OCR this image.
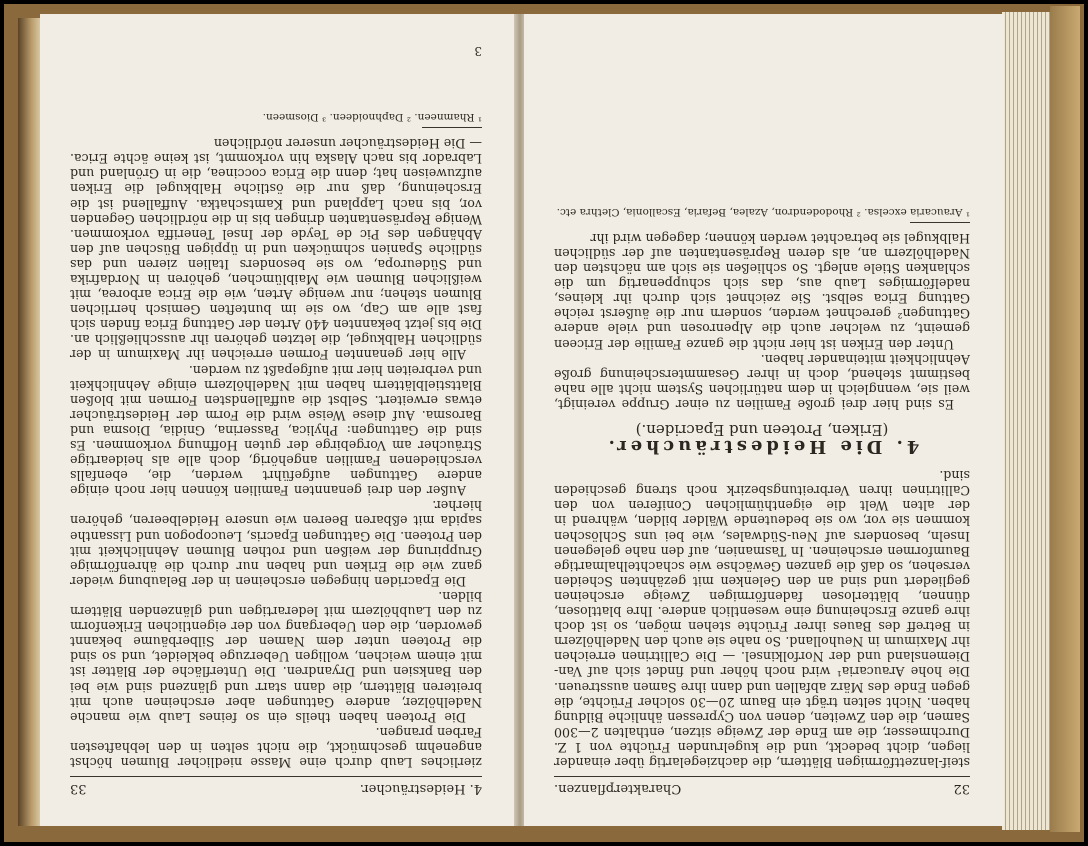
4. Heidesträucher.
33

zierliches Laub durch eine Masse niedlicher Blumen höchst angenehm geschmückt, die nicht selten in den lebhaftesten Farben prangen.

Die Proteen haben theils ein so feines Laub wie manche Nadelhölzer, andere Gattungen aber erscheinen auch mit breiteren Blättern, die dann starr und glänzend sind wie bei den Banksien und Dryandren. Die Unterfläche der Blätter ist mit einem weichen, wolligen Ueberzuge bekleidet, und so sind die Proteen unter dem Namen der Silberbäume bekannt geworden, die den Uebergang von der eigentlichen Erikenform zu den Laubhölzern mit lederartigen und glänzenden Blättern bilden.

Die Epacriden hingegen erscheinen in der Belaubung wieder ganz wie die Eriken und haben nur durch die ährenförmige Gruppirung der weißen und rothen Blumen Aehnlichkeit mit den Proteen. Die Gattungen Epacris, Leucopogon und Lissanthe sapida mit eßbaren Beeren wie unsere Heidelbeeren, gehören hierher.

Außer den drei genannten Familien können hier noch einige andere Gattungen aufgeführt werden, die, ebenfalls verschiedenen Familien angehörig, doch alle als heideartige Sträucher am Vorgebirge der guten Hoffnung vorkommen. Es sind die Gattungen: Phylica, Passerina, Gnidia, Diosma und Barosma. Auf diese Weise wird die Form der Heidesträucher etwas erweitert. Selbst die auffallendsten Formen mit bloßen Blattstielblättern haben mit Nadelhölzern einige Aehnlichkeit und verbreiten hier mit aufgepaßt zu werden.

Alle hier genannten Formen erreichen ihr Maximum in der südlichen Halbkugel, die letzten gehören ihr ausschließlich an. Die bis jetzt bekannten 440 Arten der Gattung Erica finden sich fast alle am Cap, wo sie im bunteften Gemisch herrlichen Blumen stehen; nur wenige Arten, wie die Erica arborea, mit weißlichen Blumen wie Maiblümchen, gehören in Nordafrika und Südeuropa, wo sie besonders Italien zieren und das südliche Spanien schmücken und in üppigen Büschen auf den Abhängen des Pic de Teyde der Insel Teneriffa vorkommen. Wenige Repräsentanten dringen bis in die nördlichen Gegenden vor, bis nach Lappland und Kamtschatka. Auffallend ist die Erscheinung, daß nur die östliche Halbkugel die Eriken aufzuweisen hat; denn die Erica coccinea, die in Grönland und Labrador bis nach Alaska hin vorkommt, ist keine ächte Erica. — Die Heidesträucher unserer nördlichen

¹ Rhamneen. ² Daphnoideen. ³ Diosmeen.
3
32
Charakterpflanzen.

steif-lanzettförmigen Blättern, die dachziegelartig über einander liegen, dicht bedeckt, und die kugelrunden Früchte von 1 Z. Durchmesser, die am Ende der Zweige sitzen, enthalten 2—300 Samen, die den Zweiten, denen von Cypressen ähnliche Bildung haben. Nicht selten trägt ein Baum 20—30 solcher Früchte, die gegen Ende des März abfallen und dann ihre Samen ausstreuen. Die hohe Araucaria¹ wird noch höher und findet sich auf Van-Diemensland und der Norfolkinsel. — Die Callitrinen erreichen ihr Maximum in Neuholland. So nahe sie auch den Nadelhölzern in Betreff des Baues ihrer Früchte stehen mögen, so ist doch ihre ganze Erscheinung eine wesentlich andere. Ihre blattlosen, dünnen, blätterlosen fadenförmigen Zweige erscheinen gegliedert und sind an den Gelenken mit gezähnten Scheiden versehen, so daß die ganzen Gewächse wie schachtelhalmartige Baumformen erscheinen. In Tasmanien, auf den nahe gelegenen Inseln, besonders auf Neu-Südwales, wie bei uns Schlöschen kommen sie vor, wo sie bedeutende Wälder bilden, während in der alten Welt die eigenthümlichen Coniferen von den Callitrinen ihren Verbreitungsbezirk noch streng geschieden sind.

4. Die Heidesträucher.
(Eriken, Proteen und Epacriden.)

Es sind hier drei große Familien zu einer Gruppe vereinigt, weil sie, wenngleich in dem natürlichen System nicht alle nahe bestimmt stehend, doch in ihrer Gesammterscheinung große Aehnlichkeit miteinander haben.

Unter den Eriken ist hier nicht die ganze Familie der Ericeen gemeint, zu welcher auch die Alpenrosen und viele andere Gattungen² gerechnet werden, sondern nur die äußerst reiche Gattung Erica selbst. Sie zeichnet sich durch ihr kleines, nadelförmiges Laub aus, das sich schuppenartig um die schlanken Stiele anlegt. So schließen sie sich am nächsten den Nadelhölzern an, als deren Repräsentanten auf der südlichen Halbkugel sie betrachtet werden können; dagegen wird ihr

¹ Araucaria excelsa. ² Rhododendron, Azalea, Befaria, Escallonia, Clethra etc.
